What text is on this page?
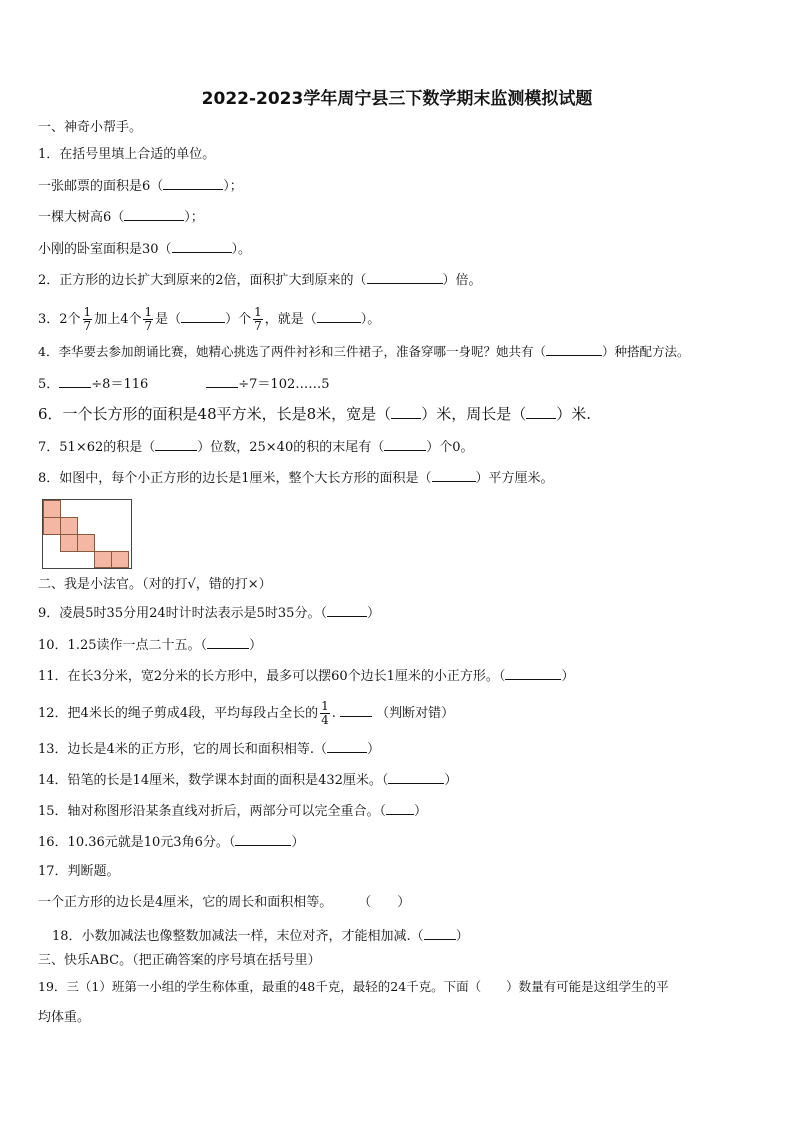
2022-2023学年周宁县三下数学期末监测模拟试题
一、神奇小帮手。
1．在括号里填上合适的单位。
一张邮票的面积是6（	）；
一棵大树高6（	）；
小刚的卧室面积是30（	）。
2．正方形的边长扩大到原来的2倍，面积扩大到原来的（	）倍。
3．2个 $\frac{1}{7}$ 加上4个 $\frac{1}{7}$ 是（	）个 $\frac{1}{7}$ ，就是（	）。
4．李华要去参加朗诵比赛，她精心挑选了两件衬衫和三件裙子，准备穿哪一身呢？她共有（	）种搭配方法。
5． ÷8＝116	÷7＝102……5
6．一个长方形的面积是48平方米，长是8米，宽是（ ）米，周长是（ ）米.
7．51×62的积是（	）位数，25×40的积的末尾有（	）个0。
8．如图中，每个小正方形的边长是1厘米，整个大长方形的面积是（	）平方厘米。
二、我是小法官。（对的打√，错的打×）
9．凌晨5时35分用24时计时法表示是5时35分。（	）
10．1.25读作一点二十五。（	）
11．在长3分米，宽2分米的长方形中，最多可以摆60个边长1厘米的小正方形。（	）
12．把4米长的绳子剪成4段，平均每段占全长的 $\frac{1}{4}$ .	（判断对错）
13．边长是4米的正方形，它的周长和面积相等.（	）
14．铅笔的长是14厘米，数学课本封面的面积是432厘米。（	）
15．轴对称图形沿某条直线对折后，两部分可以完全重合。（ ）
16．10.36元就是10元3角6分。（	）
17．判断题。
一个正方形的边长是4厘米，它的周长和面积相等。 （　　）
18．小数加减法也像整数加减法一样，末位对齐，才能相加减.（ ）
三、快乐ABC。（把正确答案的序号填在括号里）
19．三（1）班第一小组的学生称体重，最重的48千克，最轻的24千克。下面（　　）数量有可能是这组学生的平
均体重。
